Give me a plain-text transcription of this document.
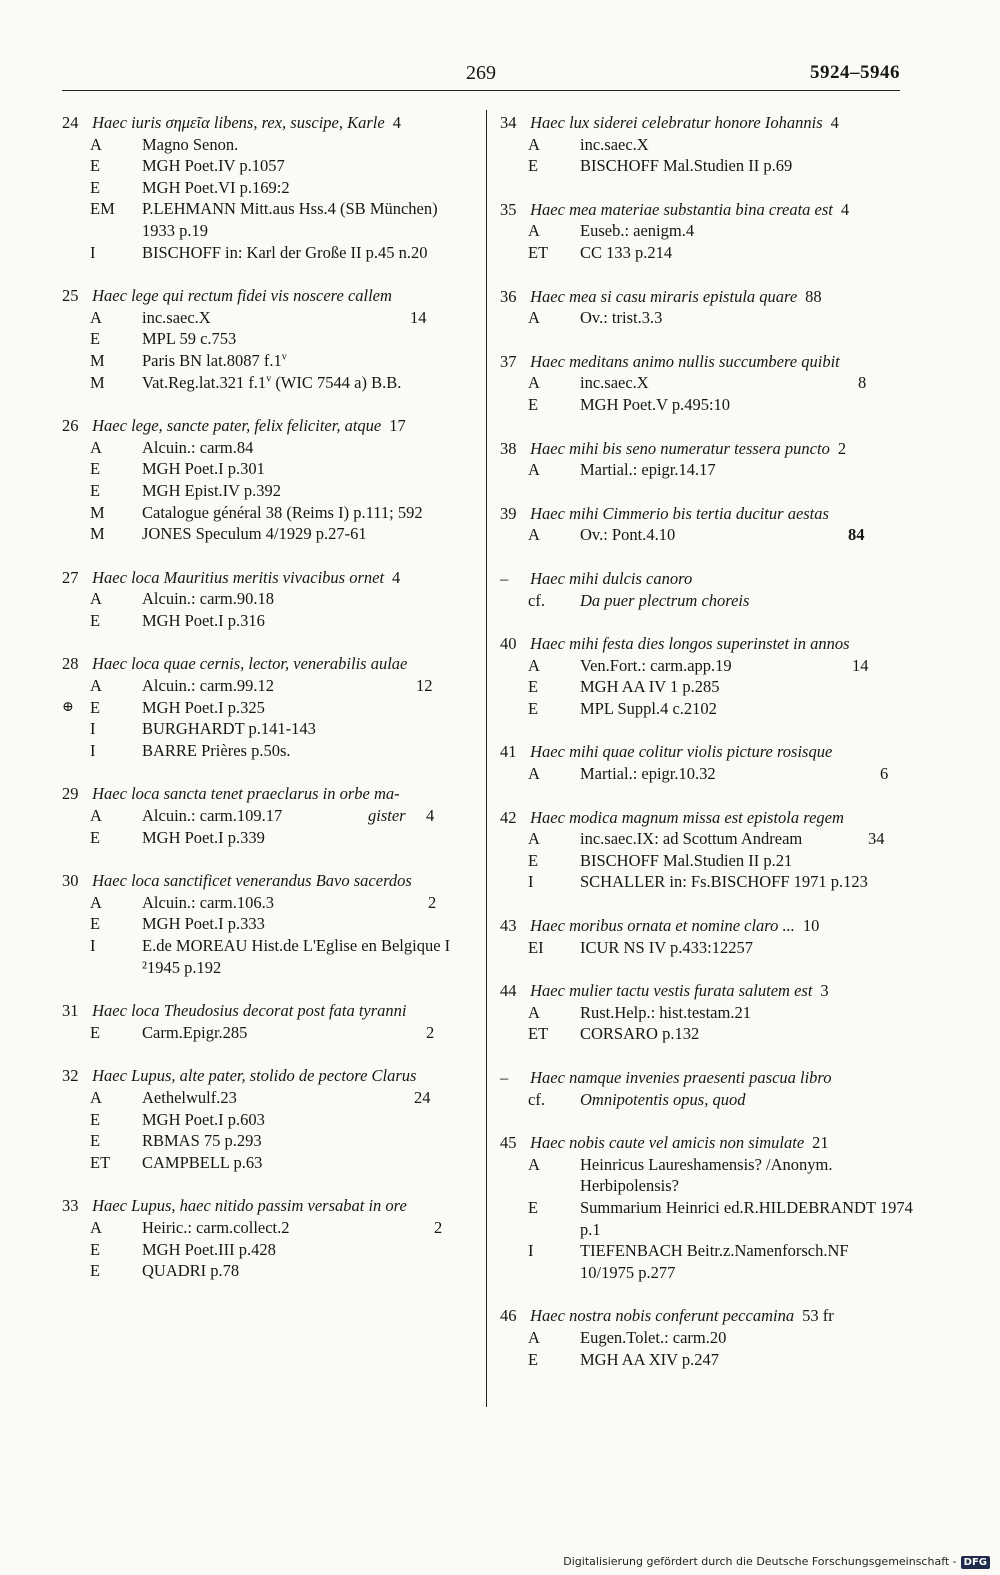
269	5924–5946
24 Haec iuris σημεῖα libens, rex, suscipe, Karle 4
A Magno Senon.
E	MGH Poet.IV p.1057
E	MGH Poet.VI p.169:2
EM P.LEHMANN Mitt.aus Hss.4 (SB München) 1933 p.19
I	BISCHOFF in: Karl der Große II p.45 n.20
25 Haec lege qui rectum fidei vis noscere callem
A inc.saec.X	14
E	MPL 59 c.753
M Paris BN lat.8087 f.1$^v$
M Vat.Reg.lat.321 f.1$^v$ (WIC 7544 a) B.B.
26 Haec lege, sancte pater, felix feliciter, atque 17
A Alcuin.: carm.84
E	MGH Poet.I p.301
E	MGH Epist.IV p.392
M Catalogue général 38 (Reims I) p.111; 592
M JONES Speculum 4/1929 p.27-61
27 Haec loca Mauritius meritis vivacibus ornet 4
A Alcuin.: carm.90.18
E	MGH Poet.I p.316
28 Haec loca quae cernis, lector, venerabilis aulae
A Alcuin.: carm.99.12	12
⊕ E	MGH Poet.I p.325
I	BURGHARDT p.141-143
I	BARRE Prières p.50s.
29 Haec loca sancta tenet praeclarus in orbe ma-
A Alcuin.: carm.109.17	gister 4
E	MGH Poet.I p.339
30 Haec loca sanctificet venerandus Bavo sacerdos
A Alcuin.: carm.106.3	2
E	MGH Poet.I p.333
I	E.de MOREAU Hist.de L'Eglise en Belgique I ²1945 p.192
31 Haec loca Theudosius decorat post fata tyranni
E	Carm.Epigr.285	2
32 Haec Lupus, alte pater, stolido de pectore Clarus
A Aethelwulf.23	24
E	MGH Poet.I p.603
E	RBMAS 75 p.293
ET CAMPBELL p.63
33 Haec Lupus, haec nitido passim versabat in ore
A Heiric.: carm.collect.2	2
E	MGH Poet.III p.428
E	QUADRI p.78
34 Haec lux siderei celebratur honore Iohannis 4
A inc.saec.X
E	BISCHOFF Mal.Studien II p.69
35 Haec mea materiae substantia bina creata est 4
A Euseb.: aenigm.4
ET CC 133 p.214
36 Haec mea si casu miraris epistula quare 88
A Ov.: trist.3.3
37 Haec meditans animo nullis succumbere quibit
A inc.saec.X	8
E	MGH Poet.V p.495:10
38 Haec mihi bis seno numeratur tessera puncto 2
A Martial.: epigr.14.17
39 Haec mihi Cimmerio bis tertia ducitur aestas
A Ov.: Pont.4.10	84
– Haec mihi dulcis canoro
cf. Da puer plectrum choreis
40 Haec mihi festa dies longos superinstet in annos
A Ven.Fort.: carm.app.19	14
E	MGH AA IV 1 p.285
E	MPL Suppl.4 c.2102
41 Haec mihi quae colitur violis picture rosisque
A Martial.: epigr.10.32	6
42 Haec modica magnum missa est epistola regem
A inc.saec.IX: ad Scottum Andream	34
E	BISCHOFF Mal.Studien II p.21
I	SCHALLER in: Fs.BISCHOFF 1971 p.123
43 Haec moribus ornata et nomine claro ... 10
EI ICUR NS IV p.433:12257
44 Haec mulier tactu vestis furata salutem est 3
A Rust.Help.: hist.testam.21
ET CORSARO p.132
– Haec namque invenies praesenti pascua libro
cf. Omnipotentis opus, quod
45 Haec nobis caute vel amicis non simulate 21
A Heinricus Laureshamensis? /Anonym. Herbipolensis?
E	Summarium Heinrici ed.R.HILDEBRANDT 1974 p.1
I	TIEFENBACH Beitr.z.Namenforsch.NF 10/1975 p.277
46 Haec nostra nobis conferunt peccamina 53 fr
A Eugen.Tolet.: carm.20
E	MGH AA XIV p.247
Digitalisierung gefördert durch die Deutsche Forschungsgemeinschaft - DFG
